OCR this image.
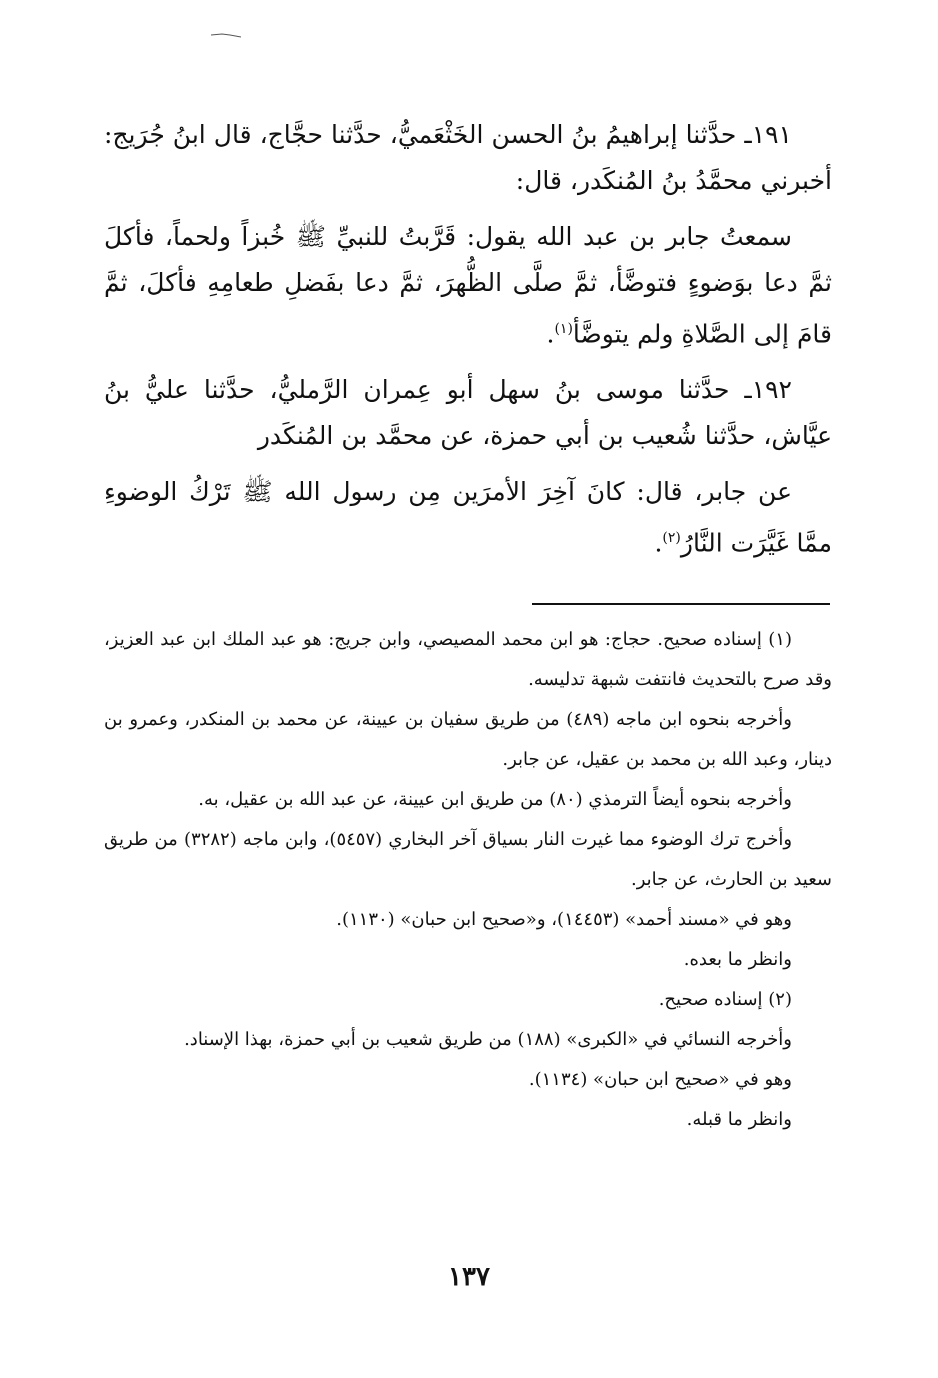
١٩١ـ حدَّثنا إبراهيمُ بنُ الحسن الخَثْعَميُّ، حدَّثنا حجَّاج، قال ابنُ جُرَيج: أخبرني محمَّدُ بنُ المُنكَدر، قال:

سمعتُ جابر بن عبد الله يقول: قَرَّبتُ للنبيِّ ﷺ خُبزاً ولحماً، فأكلَ ثمَّ دعا بوَضوءٍ فتوضَّأ، ثمَّ صلَّى الظُّهرَ، ثمَّ دعا بفَضلِ طعامِهِ فأكلَ، ثمَّ قامَ إلى الصَّلاةِ ولم يتوضَّأ$^{(١)}$.

١٩٢ـ حدَّثنا موسى بنُ سهل أبو عِمران الرَّمليُّ، حدَّثنا عليُّ بنُ عيَّاش، حدَّثنا شُعيب بن أبي حمزة، عن محمَّد بن المُنكَدر

عن جابر، قال: كانَ آخِرَ الأمرَين مِن رسول الله ﷺ تَرْكُ الوضوءِ ممَّا غَيَّرَت النَّارُ$^{(٢)}$.

(١) إسناده صحيح. حجاج: هو ابن محمد المصيصي، وابن جريج: هو عبد الملك ابن عبد العزيز، وقد صرح بالتحديث فانتفت شبهة تدليسه.

وأخرجه بنحوه ابن ماجه (٤٨٩) من طريق سفيان بن عيينة، عن محمد بن المنكدر، وعمرو بن دينار، وعبد الله بن محمد بن عقيل، عن جابر.

وأخرجه بنحوه أيضاً الترمذي (٨٠) من طريق ابن عيينة، عن عبد الله بن عقيل، به.

وأخرج ترك الوضوء مما غيرت النار بسياق آخر البخاري (٥٤٥٧)، وابن ماجه (٣٢٨٢) من طريق سعيد بن الحارث، عن جابر.

وهو في «مسند أحمد» (١٤٤٥٣)، و«صحيح ابن حبان» (١١٣٠).

وانظر ما بعده.

(٢) إسناده صحيح.

وأخرجه النسائي في «الكبرى» (١٨٨) من طريق شعيب بن أبي حمزة، بهذا الإسناد.

وهو في «صحيح ابن حبان» (١١٣٤).

وانظر ما قبله.

١٣٧
